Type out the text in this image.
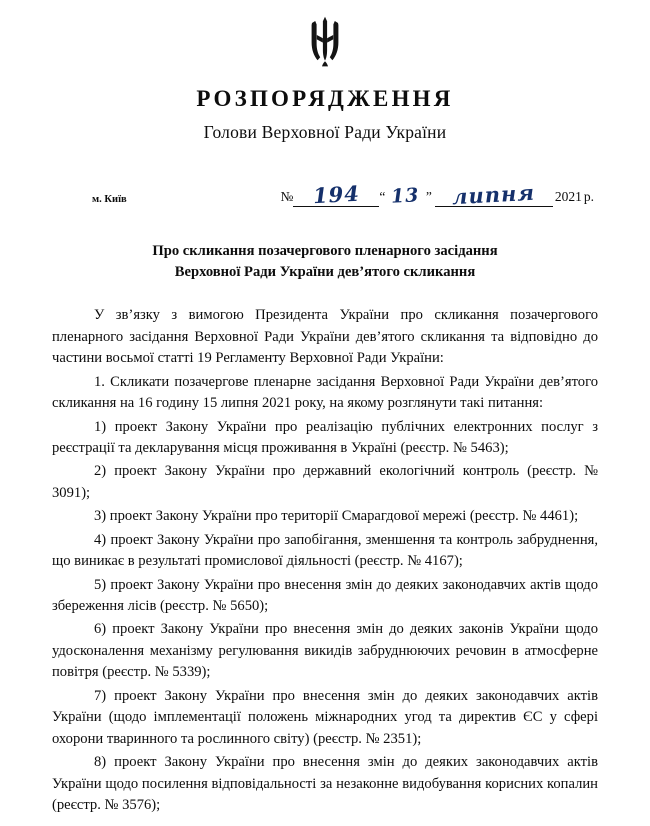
РОЗПОРЯДЖЕННЯ
Голови Верховної Ради України
м. Київ	№ 194	“ 13 ” липня	2021 р.
Про скликання позачергового пленарного засідання
Верховної Ради України дев’ятого скликання

У зв’язку з вимогою Президента України про скликання позачергового пленарного засідання Верховної Ради України дев’ятого скликання та відповідно до частини восьмої статті 19 Регламенту Верховної Ради України:

1. Скликати позачергове пленарне засідання Верховної Ради України дев’ятого скликання на 16 годину 15 липня 2021 року, на якому розглянути такі питання:

1) проект Закону України про реалізацію публічних електронних послуг з реєстрації та декларування місця проживання в Україні (реєстр. № 5463);

2) проект Закону України про державний екологічний контроль (реєстр. № 3091);

3) проект Закону України про території Смарагдової мережі (реєстр. № 4461);

4) проект Закону України про запобігання, зменшення та контроль забруднення, що виникає в результаті промислової діяльності (реєстр. № 4167);

5) проект Закону України про внесення змін до деяких законодавчих актів щодо збереження лісів (реєстр. № 5650);

6) проект Закону України про внесення змін до деяких законів України щодо удосконалення механізму регулювання викидів забруднюючих речовин в атмосферне повітря (реєстр. № 5339);

7) проект Закону України про внесення змін до деяких законодавчих актів України (щодо імплементації положень міжнародних угод та директив ЄС у сфері охорони тваринного та рослинного світу) (реєстр. № 2351);

8) проект Закону України про внесення змін до деяких законодавчих актів України щодо посилення відповідальності за незаконне видобування корисних копалин (реєстр. № 3576);
